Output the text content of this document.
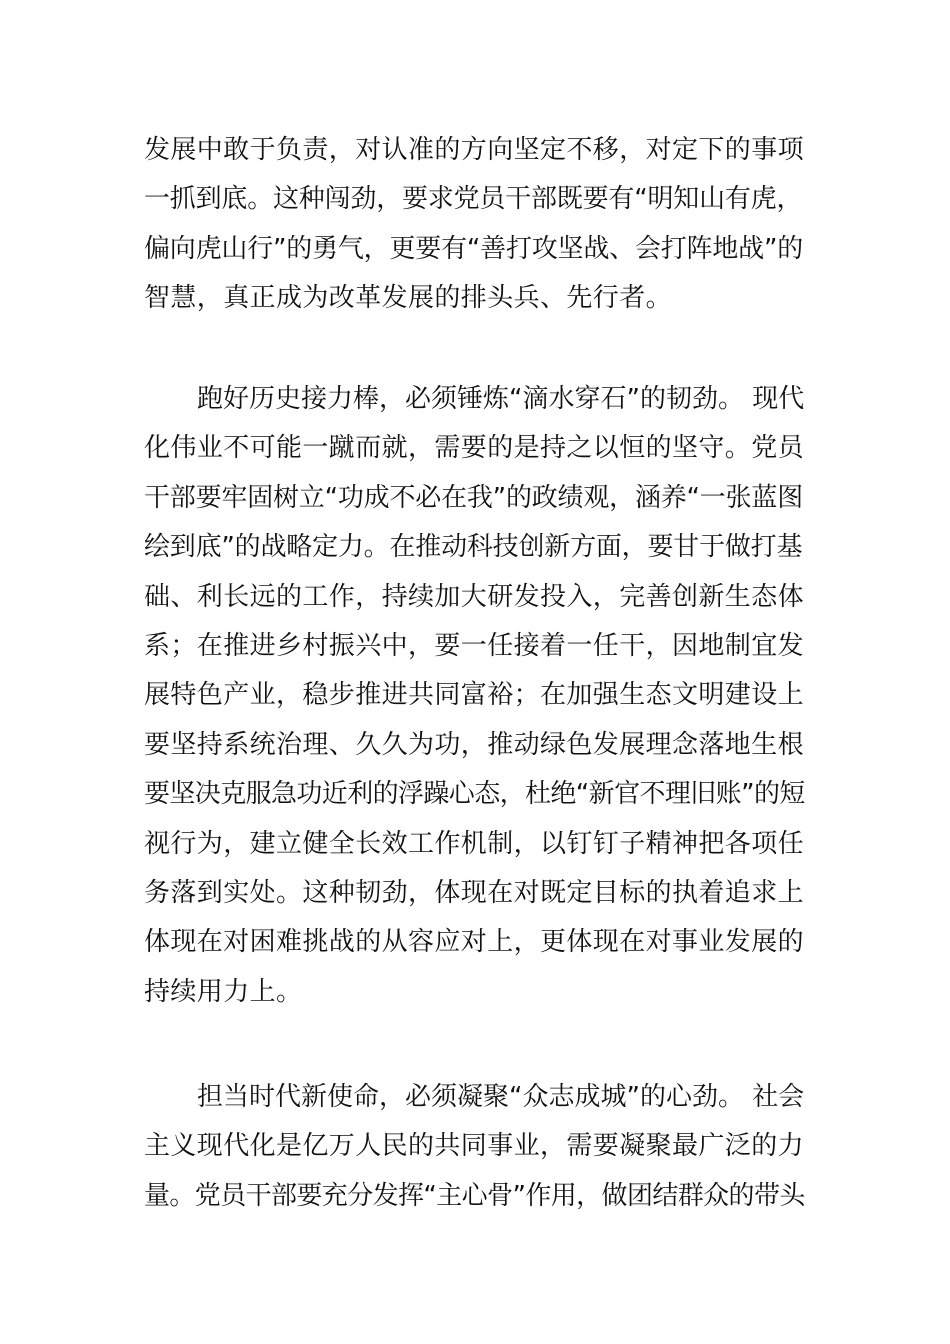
发展中敢于负责，对认准的方向坚定不移，对定下的事项
一抓到底。这种闯劲，要求党员干部既要有“明知山有虎，
偏向虎山行”的勇气，更要有“善打攻坚战、会打阵地战”的
智慧，真正成为改革发展的排头兵、先行者。
跑好历史接力棒，必须锤炼“滴水穿石”的韧劲。 现代
化伟业不可能一蹴而就，需要的是持之以恒的坚守。党员
干部要牢固树立“功成不必在我”的政绩观，涵养“一张蓝图
绘到底”的战略定力。在推动科技创新方面，要甘于做打基
础、利长远的工作，持续加大研发投入，完善创新生态体
系；在推进乡村振兴中，要一任接着一任干，因地制宜发
展特色产业，稳步推进共同富裕；在加强生态文明建设上
要坚持系统治理、久久为功，推动绿色发展理念落地生根
要坚决克服急功近利的浮躁心态，杜绝“新官不理旧账”的短
视行为，建立健全长效工作机制，以钉钉子精神把各项任
务落到实处。这种韧劲，体现在对既定目标的执着追求上
体现在对困难挑战的从容应对上，更体现在对事业发展的
持续用力上。
担当时代新使命，必须凝聚“众志成城”的心劲。 社会
主义现代化是亿万人民的共同事业，需要凝聚最广泛的力
量。党员干部要充分发挥“主心骨”作用，做团结群众的带头
